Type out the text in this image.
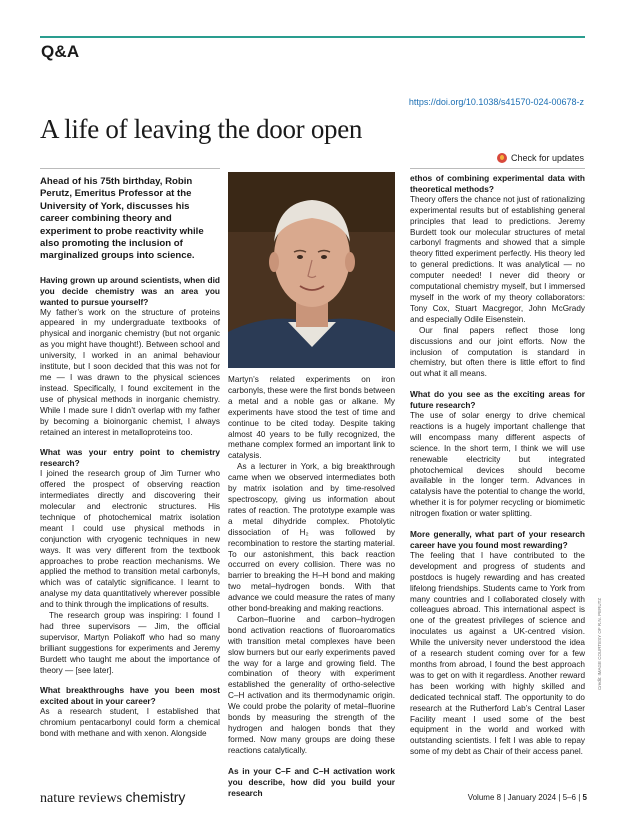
Q&A
https://doi.org/10.1038/s41570-024-00678-z
A life of leaving the door open
Check for updates
Ahead of his 75th birthday, Robin Perutz, Emeritus Professor at the University of York, discusses his career combining theory and experiment to probe reactivity while also promoting the inclusion of marginalized groups into science.
Having grown up around scientists, when did you decide chemistry was an area you wanted to pursue yourself?

My father’s work on the structure of proteins appeared in my undergraduate textbooks of physical and inorganic chemistry (but not organic as you might have thought!). Between school and university, I worked in an animal behaviour institute, but I soon decided that this was not for me — I was drawn to the physical sciences instead. Specifically, I found excitement in the use of physical methods in inorganic chemistry. While I made sure I didn’t overlap with my father by becoming a bioinorganic chemist, I always retained an interest in metalloproteins too.

What was your entry point to chemistry research?

I joined the research group of Jim Turner who offered the prospect of observing reaction intermediates directly and discovering their molecular and electronic structures. His technique of photochemical matrix isolation meant I could use physical methods in conjunction with cryogenic techniques in new ways. It was very different from the textbook approaches to probe reaction mechanisms. We applied the method to transition metal carbonyls, which was of catalytic significance. I learnt to analyse my data quantitatively wherever possible and to think through the implications of results.

The research group was inspiring: I found I had three supervisors — Jim, the official supervisor, Martyn Poliakoff who had so many brilliant suggestions for experiments and Jeremy Burdett who taught me about the importance of theory — [see later].

What breakthroughs have you been most excited about in your career?

As a research student, I established that chromium pentacarbonyl could form a chemical bond with methane and with xenon. Alongside

Martyn’s related experiments on iron carbonyls, these were the first bonds between a metal and a noble gas or alkane. My experiments have stood the test of time and continue to be cited today. Despite taking almost 40 years to be fully recognized, the methane complex formed an important link to catalysis.

As a lecturer in York, a big breakthrough came when we observed intermediates both by matrix isolation and by time-resolved spectroscopy, giving us information about rates of reaction. The prototype example was a metal dihydride complex. Photolytic dissociation of H₂ was followed by recombination to restore the starting material. To our astonishment, this back reaction occurred on every collision. There was no barrier to breaking the H–H bond and making two metal–hydrogen bonds. With that advance we could measure the rates of many other bond-breaking and making reactions.

Carbon–fluorine and carbon–hydrogen bond activation reactions of fluoroaromatics with transition metal complexes have been slow burners but our early experiments paved the way for a large and growing field. The combination of theory with experiment established the generality of ortho-selective C–H activation and its thermodynamic origin. We could probe the polarity of metal–fluorine bonds by measuring the strength of the hydrogen and halogen bonds that they formed. Now many groups are doing these reactions catalytically.

As in your C–F and C–H activation work you describe, how did you build your research
ethos of combining experimental data with theoretical methods?

Theory offers the chance not just of rationalizing experimental results but of establishing general principles that lead to predictions. Jeremy Burdett took our molecular structures of metal carbonyl fragments and showed that a simple theory fitted experiment perfectly. His theory led to general predictions. It was analytical — no computer needed! I never did theory or computational chemistry myself, but I immersed myself in the work of my theory collaborators: Tony Cox, Stuart Macgregor, John McGrady and especially Odile Eisenstein.

Our final papers reflect those long discussions and our joint efforts. Now the inclusion of computation is standard in chemistry, but often there is little effort to find out what it all means.

What do you see as the exciting areas for future research?

The use of solar energy to drive chemical reactions is a hugely important challenge that will encompass many different aspects of science. In the short term, I think we will use renewable electricity but integrated photochemical devices should become available in the longer term. Advances in catalysis have the potential to change the world, whether it is for polymer recycling or biomimetic nitrogen fixation or water splitting.

More generally, what part of your research career have you found most rewarding?

The feeling that I have contributed to the development and progress of students and postdocs is hugely rewarding and has created lifelong friendships. Students came to York from many countries and I collaborated closely with colleagues abroad. This international aspect is one of the greatest privileges of science and inoculates us against a UK-centred vision. While the university never understood the idea of a research student coming over for a few months from abroad, I found the best approach was to get on with it regardless. Another reward has been working with highly skilled and dedicated technical staff. The opportunity to do research at the Rutherford Lab’s Central Laser Facility meant I used some of the best equipment in the world and worked with outstanding scientists. I felt I was able to repay some of my debt as Chair of their access panel.

Credit: IMAGE COURTESY OF R.N. PERUTZ
nature reviews chemistry	Volume 8 | January 2024 | 5–6 | 5
